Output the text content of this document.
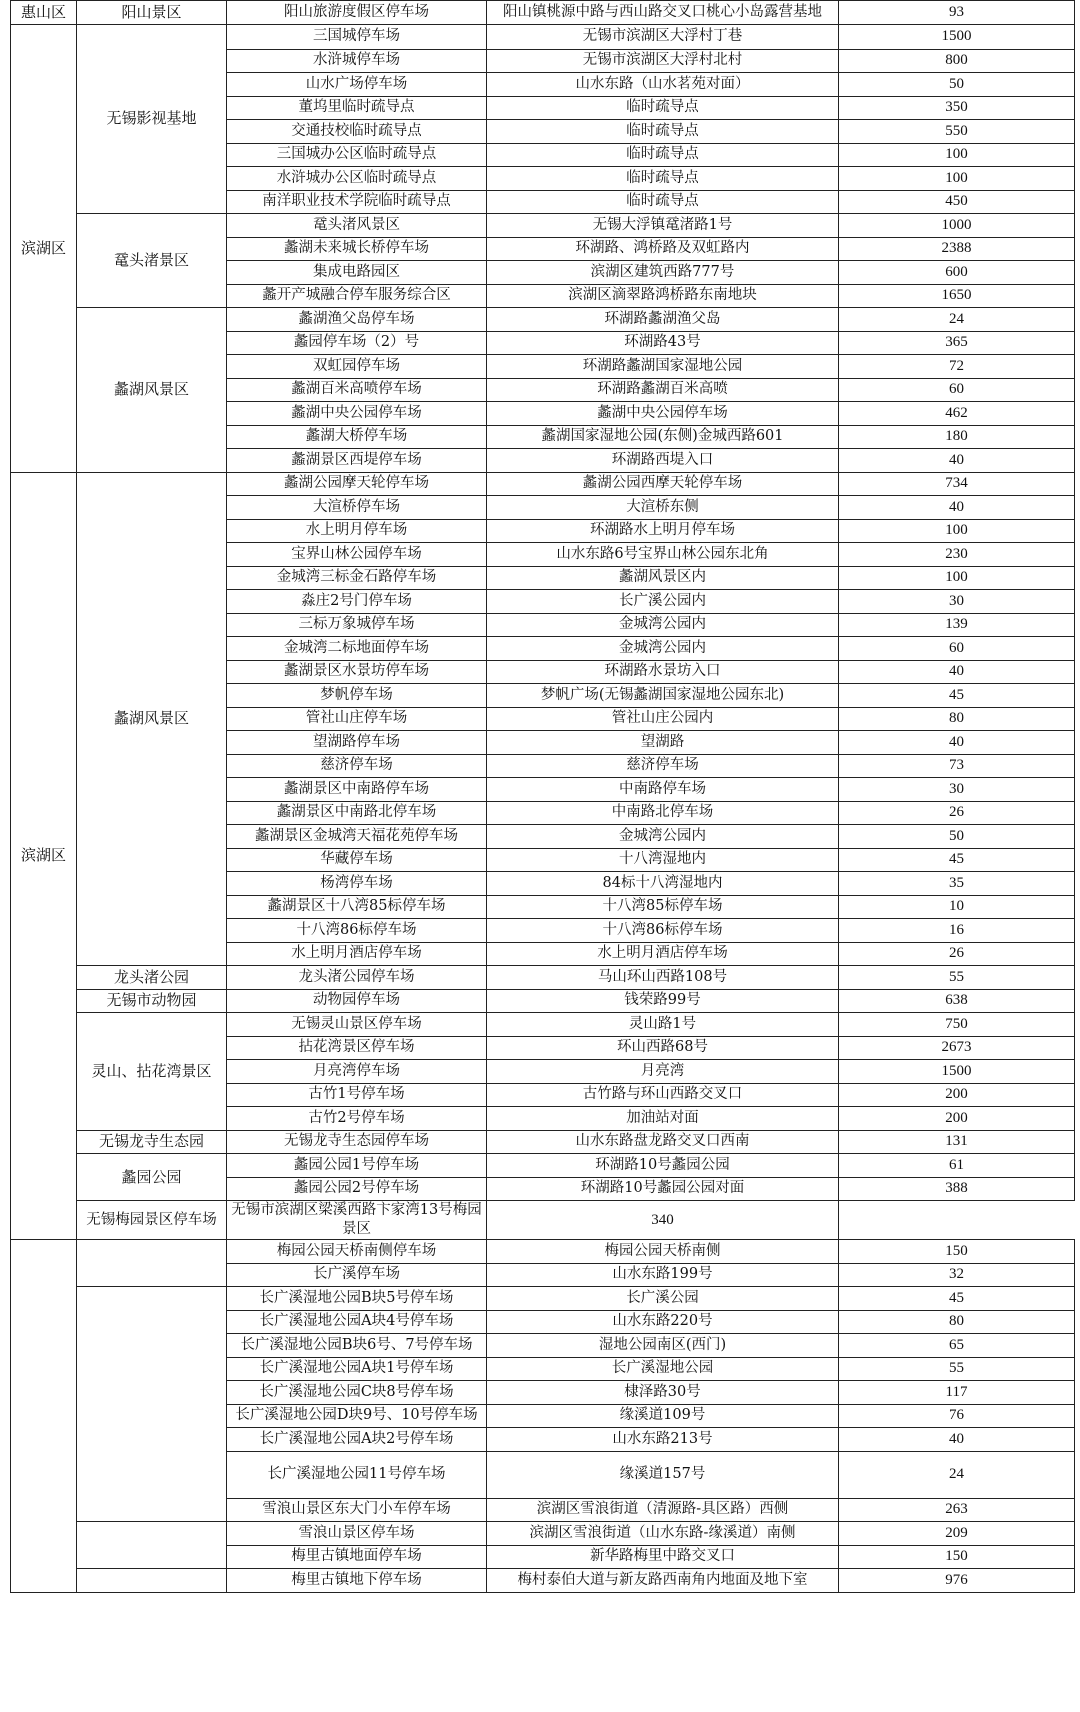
惠山区	阳山景区	阳山旅游度假区停车场	阳山镇桃源中路与西山路交叉口桃心小岛露营基地	93
滨湖区	无锡影视基地	三国城停车场	无锡市滨湖区大浮村丁巷	1500
		水浒城停车场	无锡市滨湖区大浮村北村	800
		山水广场停车场	山水东路（山水茗苑对面）	50
		董坞里临时疏导点	临时疏导点	350
		交通技校临时疏导点	临时疏导点	550
		三国城办公区临时疏导点	临时疏导点	100
		水浒城办公区临时疏导点	临时疏导点	100
		南洋职业技术学院临时疏导点	临时疏导点	450
	鼋头渚景区	鼋头渚风景区	无锡大浮镇鼋渚路1号	1000
		蠡湖未来城长桥停车场	环湖路、鸿桥路及双虹路内	2388
		集成电路园区	滨湖区建筑西路777号	600
		蠡开产城融合停车服务综合区	滨湖区滴翠路鸿桥路东南地块	1650
	蠡湖风景区	蠡湖渔父岛停车场	环湖路蠡湖渔父岛	24
		蠡园停车场（2）号	环湖路43号	365
		双虹园停车场	环湖路蠡湖国家湿地公园	72
		蠡湖百米高喷停车场	环湖路蠡湖百米高喷	60
		蠡湖中央公园停车场	蠡湖中央公园停车场	462
		蠡湖大桥停车场	蠡湖国家湿地公园(东侧)金城西路601	180
		蠡湖景区西堤停车场	环湖路西堤入口	40
滨湖区	蠡湖风景区	蠡湖公园摩天轮停车场	蠡湖公园西摩天轮停车场	734
		大渲桥停车场	大渲桥东侧	40
		水上明月停车场	环湖路水上明月停车场	100
		宝界山林公园停车场	山水东路6号宝界山林公园东北角	230
		金城湾三标金石路停车场	蠡湖风景区内	100
		淼庄2号门停车场	长广溪公园内	30
		三标万象城停车场	金城湾公园内	139
		金城湾二标地面停车场	金城湾公园内	60
		蠡湖景区水景坊停车场	环湖路水景坊入口	40
		梦帆停车场	梦帆广场(无锡蠡湖国家湿地公园东北)	45
		管社山庄停车场	管社山庄公园内	80
		望湖路停车场	望湖路	40
		慈济停车场	慈济停车场	73
		蠡湖景区中南路停车场	中南路停车场	30
		蠡湖景区中南路北停车场	中南路北停车场	26
		蠡湖景区金城湾天福花苑停车场	金城湾公园内	50
		华藏停车场	十八湾湿地内	45
		杨湾停车场	84标十八湾湿地内	35
		蠡湖景区十八湾85标停车场	十八湾85标停车场	10
		十八湾86标停车场	十八湾86标停车场	16
		水上明月酒店停车场	水上明月酒店停车场	26
	龙头渚公园	龙头渚公园停车场	马山环山西路108号	55
	无锡市动物园	动物园停车场	钱荣路99号	638
	灵山、拈花湾景区	无锡灵山景区停车场	灵山路1号	750
		拈花湾景区停车场	环山西路68号	2673
		月亮湾停车场	月亮湾	1500
		古竹1号停车场	古竹路与环山西路交叉口	200
		古竹2号停车场	加油站对面	200
	无锡龙寺生态园	无锡龙寺生态园停车场	山水东路盘龙路交叉口西南	131
	蠡园公园	蠡园公园1号停车场	环湖路10号蠡园公园	61
		蠡园公园2号停车场	环湖路10号蠡园公园对面	388
	无锡梅园景区停车场	无锡市滨湖区梁溪西路卞家湾13号梅园景区	340	
		梅园公园天桥南侧停车场	梅园公园天桥南侧	150
		长广溪停车场	山水东路199号	32
		长广溪湿地公园B块5号停车场	长广溪公园	45
		长广溪湿地公园A块4号停车场	山水东路220号	80
		长广溪湿地公园B块6号、7号停车场	湿地公园南区(西门)	65
		长广溪湿地公园A块1号停车场	长广溪湿地公园	55
		长广溪湿地公园C块8号停车场	棣泽路30号	117
		长广溪湿地公园D块9号、10号停车场	缘溪道109号	76
		长广溪湿地公园A块2号停车场	山水东路213号	40
		长广溪湿地公园11号停车场	缘溪道157号	24
		雪浪山景区东大门小车停车场	滨湖区雪浪街道（清源路-具区路）西侧	263
		雪浪山景区停车场	滨湖区雪浪街道（山水东路-缘溪道）南侧	209
		梅里古镇地面停车场	新华路梅里中路交叉口	150
		梅里古镇地下停车场	梅村泰伯大道与新友路西南角内地面及地下室	976
